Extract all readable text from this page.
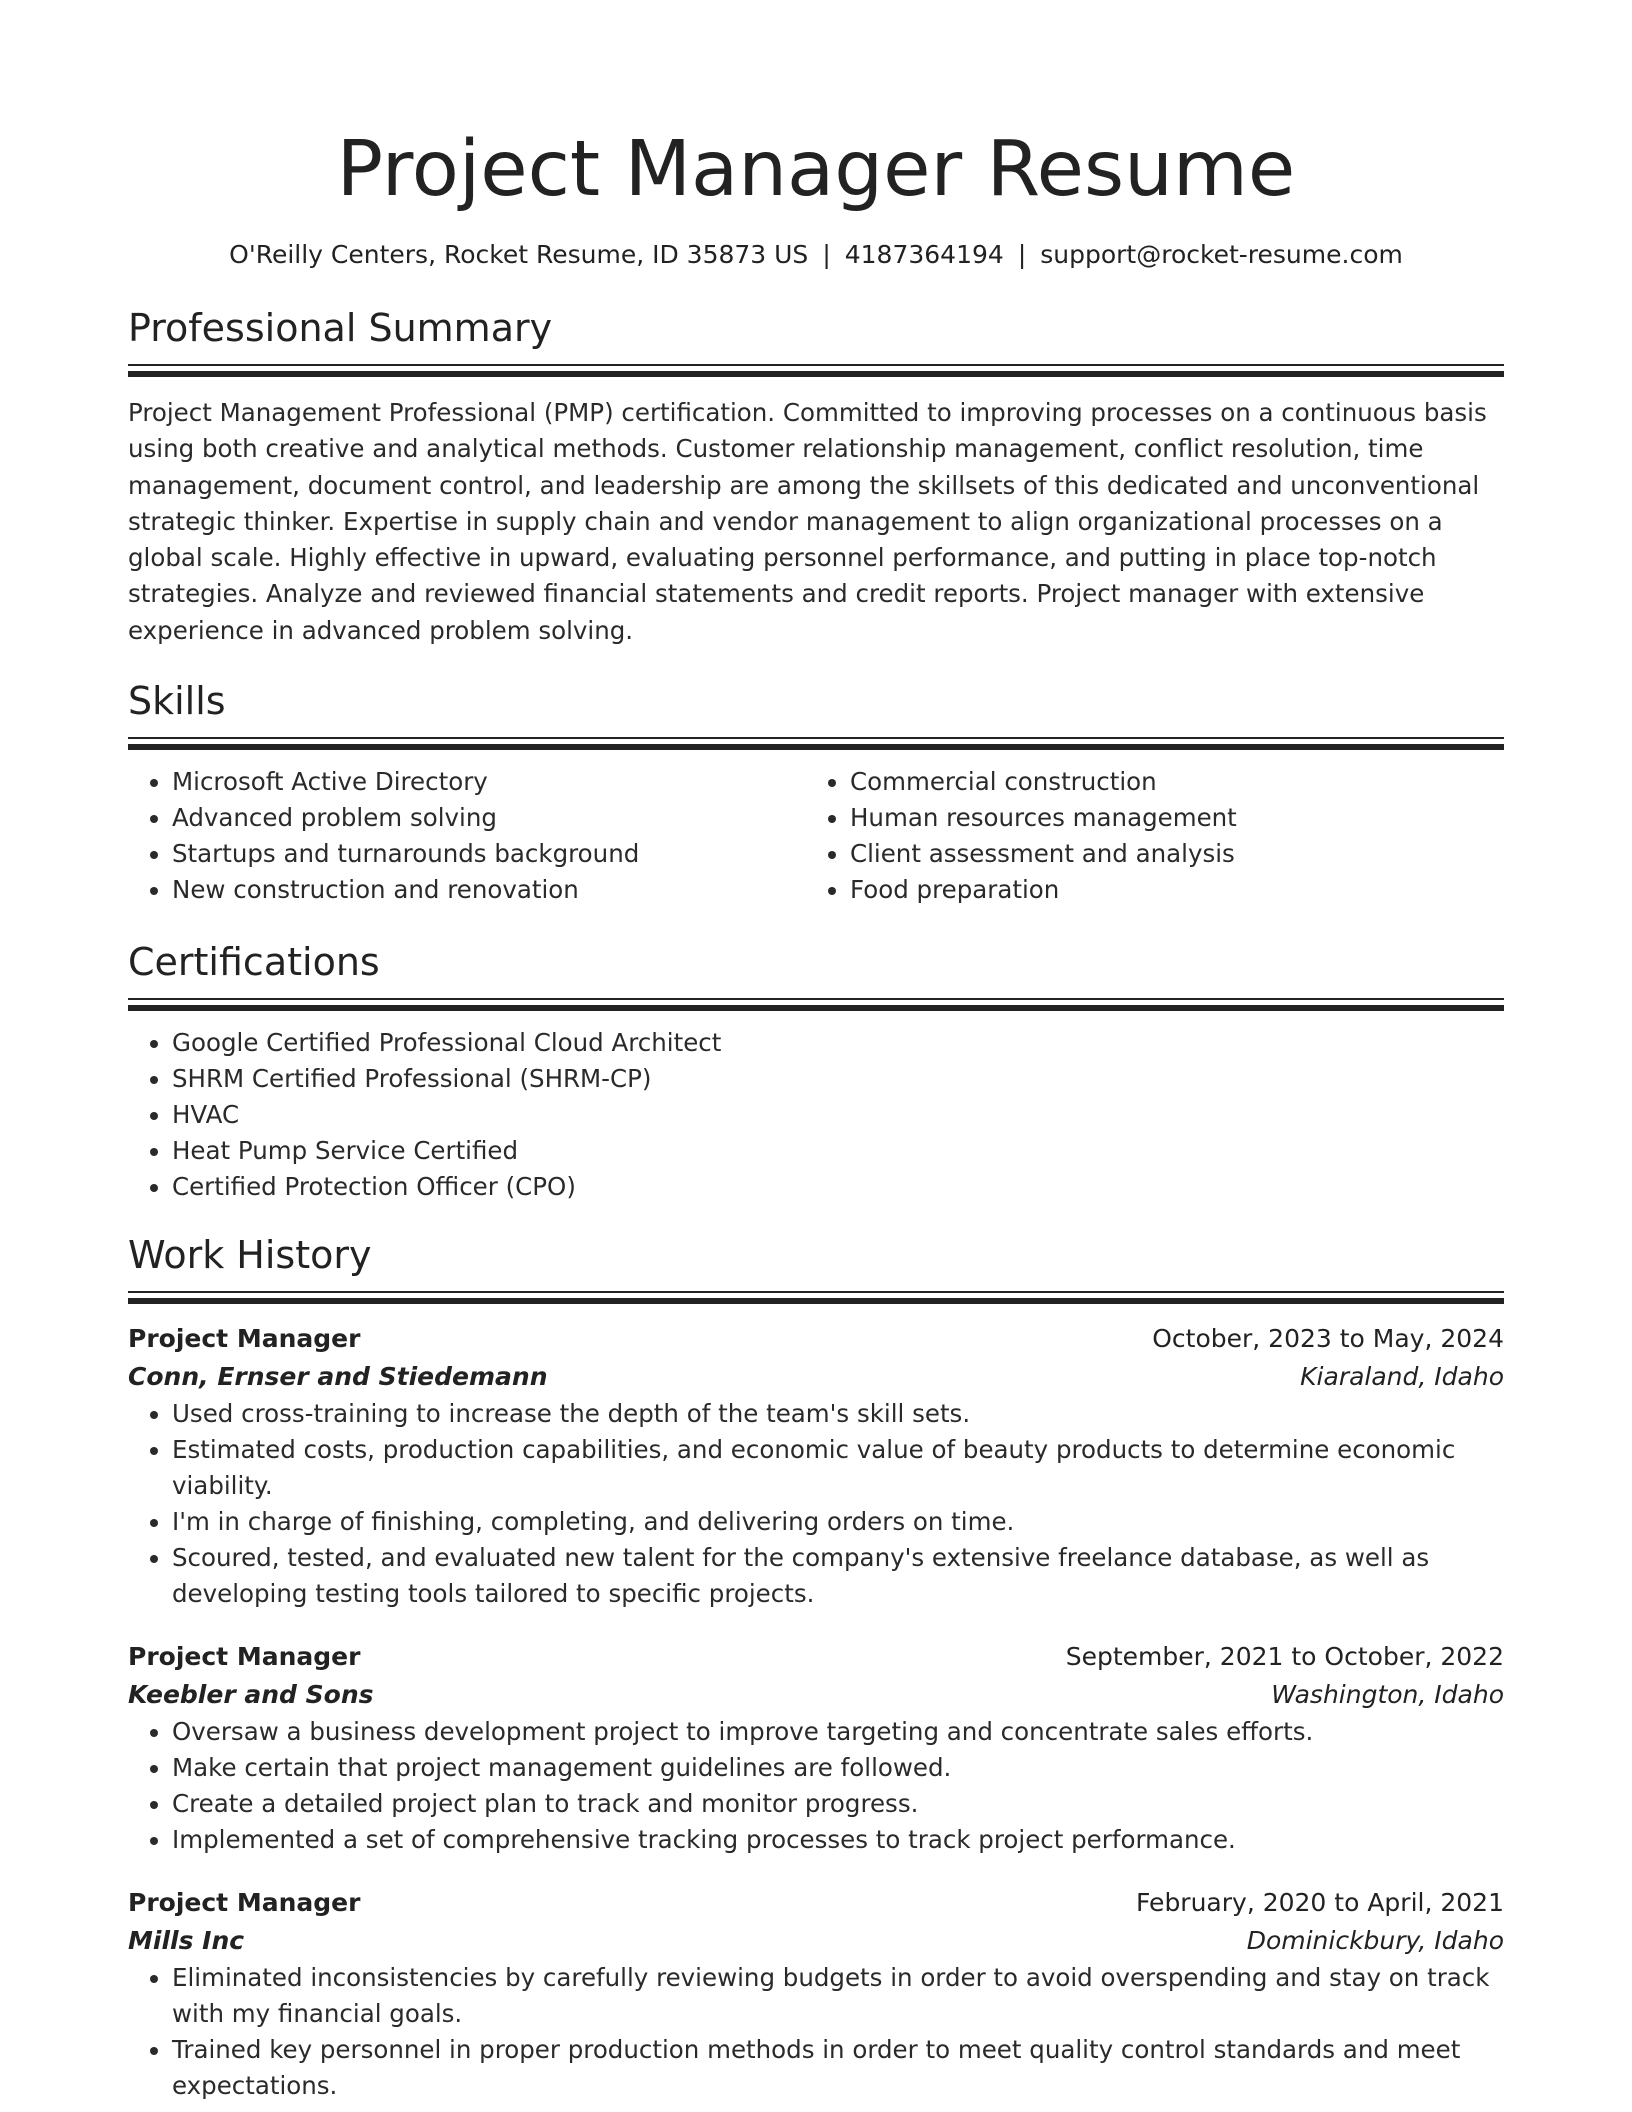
Project Manager Resume
O'Reilly Centers, Rocket Resume, ID 35873 US | 4187364194 | support@rocket-resume.com
Professional Summary

Project Management Professional (PMP) certification. Committed to improving processes on a continuous basis using both creative and analytical methods. Customer relationship management, conflict resolution, time management, document control, and leadership are among the skillsets of this dedicated and unconventional strategic thinker. Expertise in supply chain and vendor management to align organizational processes on a global scale. Highly effective in upward, evaluating personnel performance, and putting in place top-notch strategies. Analyze and reviewed financial statements and credit reports. Project manager with extensive experience in advanced problem solving.

Skills
• Microsoft Active Directory
• Advanced problem solving
• Startups and turnarounds background
• New construction and renovation
• Commercial construction
• Human resources management
• Client assessment and analysis
• Food preparation
Certifications
• Google Certified Professional Cloud Architect
• SHRM Certified Professional (SHRM-CP)
• HVAC
• Heat Pump Service Certified
• Certified Protection Officer (CPO)
Work History
Project Manager	October, 2023 to May, 2024
Conn, Ernser and Stiedemann	Kiaraland, Idaho
• Used cross-training to increase the depth of the team's skill sets.
• Estimated costs, production capabilities, and economic value of beauty products to determine economic viability.
• I'm in charge of finishing, completing, and delivering orders on time.
• Scoured, tested, and evaluated new talent for the company's extensive freelance database, as well as developing testing tools tailored to specific projects.
Project Manager	September, 2021 to October, 2022
Keebler and Sons	Washington, Idaho
• Oversaw a business development project to improve targeting and concentrate sales efforts.
• Make certain that project management guidelines are followed.
• Create a detailed project plan to track and monitor progress.
• Implemented a set of comprehensive tracking processes to track project performance.
Project Manager	February, 2020 to April, 2021
Mills Inc	Dominickbury, Idaho
• Eliminated inconsistencies by carefully reviewing budgets in order to avoid overspending and stay on track with my financial goals.
• Trained key personnel in proper production methods in order to meet quality control standards and meet expectations.
